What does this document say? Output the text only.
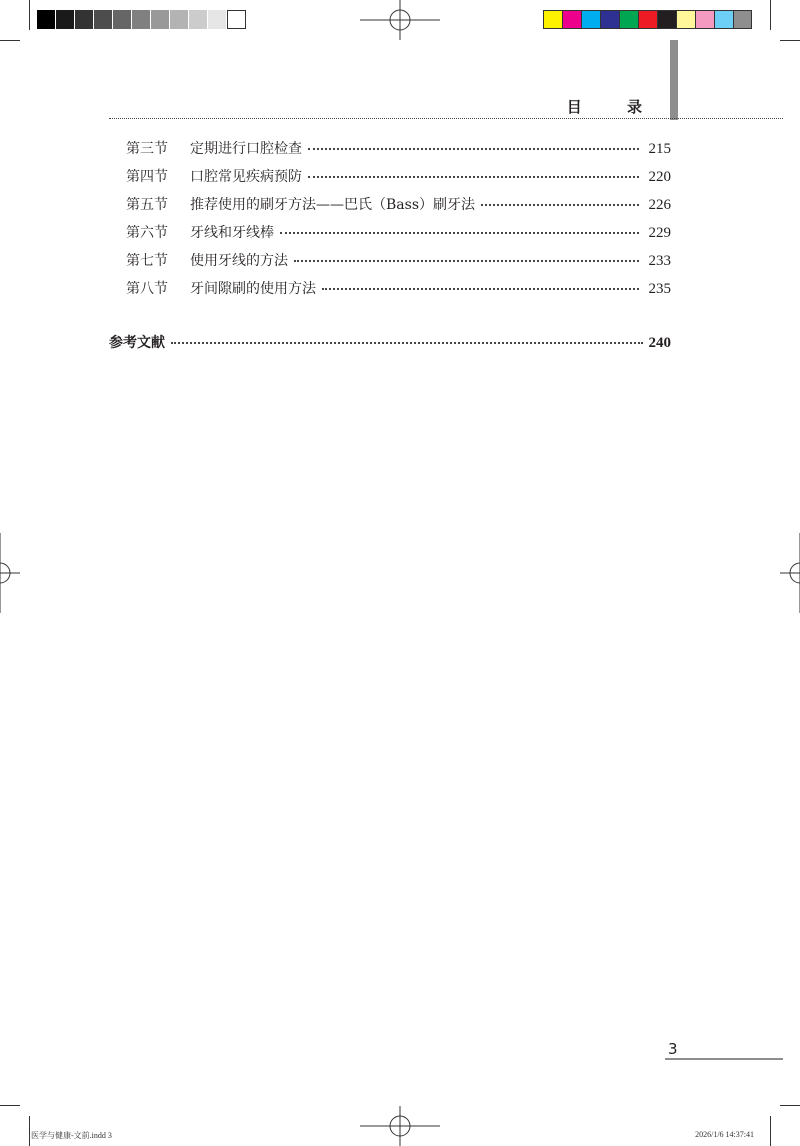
目 录
第三节	定期进行口腔检查	215
第四节	口腔常见疾病预防	220
第五节	推荐使用的刷牙方法——巴氏（Bass）刷牙法	226
第六节	牙线和牙线棒	229
第七节	使用牙线的方法	233
第八节	牙间隙刷的使用方法	235
参考文献	240
3
医学与健康-文前.indd 3	2026/1/6 14:37:41
